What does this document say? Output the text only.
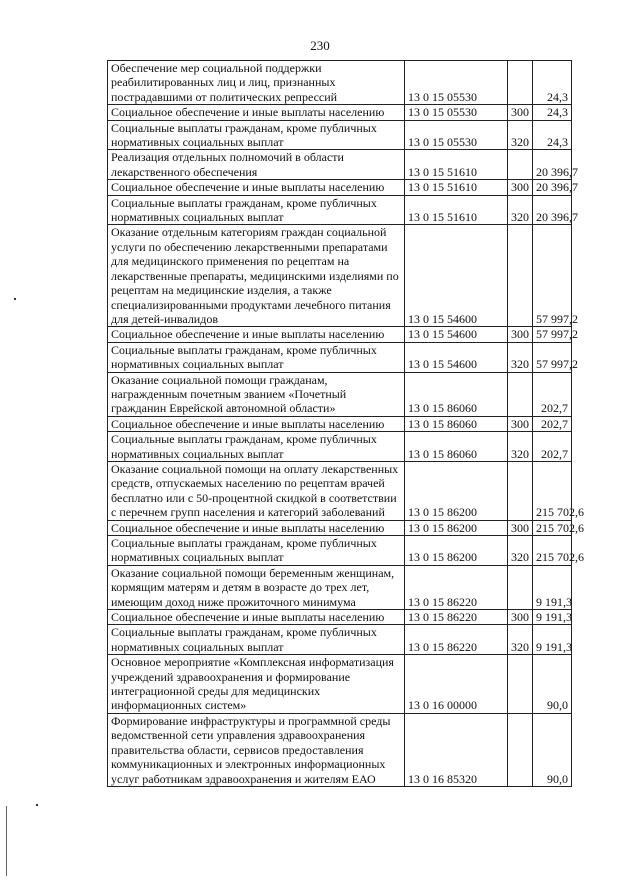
230
Обеспечение мер социальной поддержки реабилитированных лиц и лиц, признанных пострадавшими от политических репрессий	13 0 15 05530		24,3
Социальное обеспечение и иные выплаты населению	13 0 15 05530	300	24,3
Социальные выплаты гражданам, кроме публичных нормативных социальных выплат	13 0 15 05530	320	24,3
Реализация отдельных полномочий в области лекарственного обеспечения	13 0 15 51610		20 396,7
Социальное обеспечение и иные выплаты населению	13 0 15 51610	300	20 396,7
Социальные выплаты гражданам, кроме публичных нормативных социальных выплат	13 0 15 51610	320	20 396,7
Оказание отдельным категориям граждан социальной услуги по обеспечению лекарственными препаратами для медицинского применения по рецептам на лекарственные препараты, медицинскими изделиями по рецептам на медицинские изделия, а также специализированными продуктами лечебного питания для детей-инвалидов	13 0 15 54600		57 997,2
Социальное обеспечение и иные выплаты населению	13 0 15 54600	300	57 997,2
Социальные выплаты гражданам, кроме публичных нормативных социальных выплат	13 0 15 54600	320	57 997,2
Оказание социальной помощи гражданам, награжденным почетным званием «Почетный гражданин Еврейской автономной области»	13 0 15 86060		202,7
Социальное обеспечение и иные выплаты населению	13 0 15 86060	300	202,7
Социальные выплаты гражданам, кроме публичных нормативных социальных выплат	13 0 15 86060	320	202,7
Оказание социальной помощи на оплату лекарственных средств, отпускаемых населению по рецептам врачей бесплатно или с 50-процентной скидкой в соответствии с перечнем групп населения и категорий заболеваний	13 0 15 86200		215 702,6
Социальное обеспечение и иные выплаты населению	13 0 15 86200	300	215 702,6
Социальные выплаты гражданам, кроме публичных нормативных социальных выплат	13 0 15 86200	320	215 702,6
Оказание социальной помощи беременным женщинам, кормящим матерям и детям в возрасте до трех лет, имеющим доход ниже прожиточного минимума	13 0 15 86220		9 191,3
Социальное обеспечение и иные выплаты населению	13 0 15 86220	300	9 191,3
Социальные выплаты гражданам, кроме публичных нормативных социальных выплат	13 0 15 86220	320	9 191,3
Основное мероприятие «Комплексная информатизация учреждений здравоохранения и формирование интеграционной среды для медицинских информационных систем»	13 0 16 00000		90,0
Формирование инфраструктуры и программной среды ведомственной сети управления здравоохранения правительства области, сервисов предоставления коммуникационных и электронных информационных услуг работникам здравоохранения и жителям ЕАО	13 0 16 85320		90,0
